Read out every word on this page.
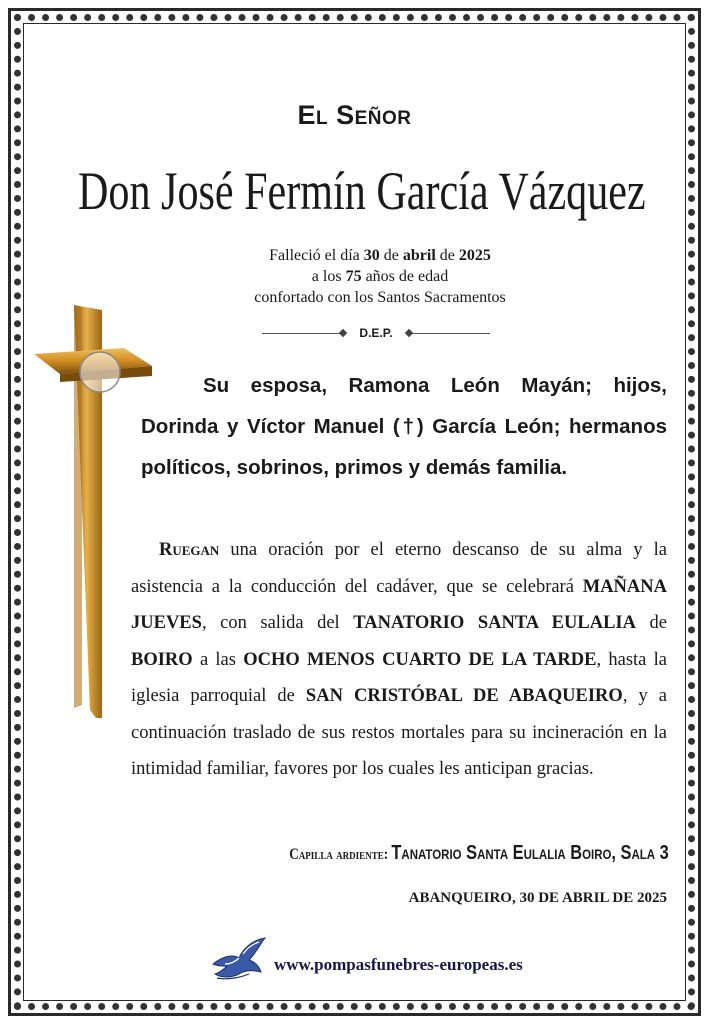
El Señor
Don José Fermín García Vázquez
Falleció el día 30 de abril de 2025
a los 75 años de edad
confortado con los Santos Sacramentos
D.E.P.
Su esposa, Ramona León Mayán; hijos, Dorinda y Víctor Manuel (†) García León; hermanos políticos, sobrinos, primos y demás familia.
Ruegan una oración por el eterno descanso de su alma y la asistencia a la conducción del cadáver, que se celebrará MAÑANA JUEVES, con salida del TANATORIO SANTA EULALIA de BOIRO a las OCHO MENOS CUARTO DE LA TARDE, hasta la iglesia parroquial de SAN CRISTÓBAL DE ABAQUEIRO, y a continuación traslado de sus restos mortales para su incineración en la intimidad familiar, favores por los cuales les anticipan gracias.
Capilla ardiente: Tanatorio Santa Eulalia Boiro, Sala 3
ABANQUEIRO, 30 DE ABRIL DE 2025
www.pompasfunebres-europeas.es
